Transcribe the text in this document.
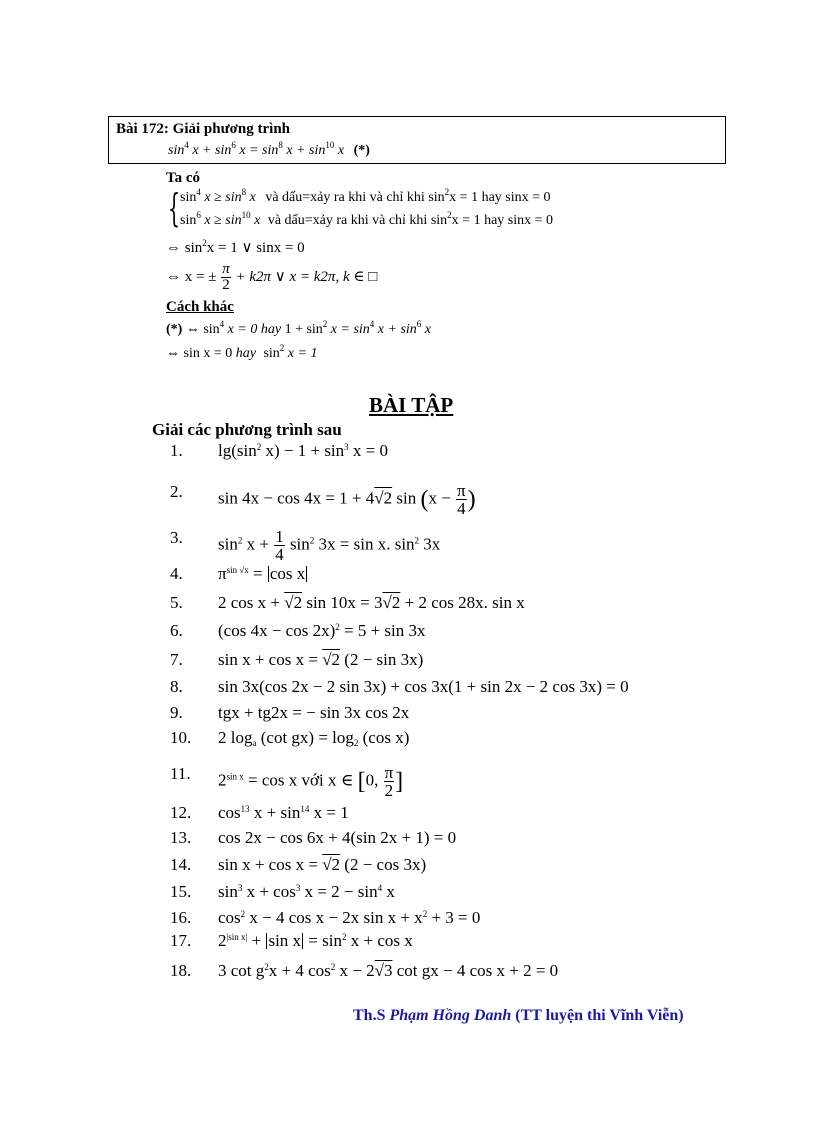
Bài 172: Giải phương trình
$\sin^4 x + \sin^6 x = \sin^8 x + \sin^{10} x$ (*)
Ta có
{ $\sin^4 x \ge \sin^8 x$ và dấu=xảy ra khi và chỉ khi $\sin^2x = 1$ hay sinx = 0
$\sin^6 x \ge \sin^{10} x$ và dấu=xảy ra khi và chỉ khi $\sin^2x = 1$ hay sinx = 0
⇔ $\sin^2x = 1$ ∨ sinx = 0
⇔ x = ± $\frac{\pi}{2} + k2\pi$ ∨ x = k2π, k ∈ □
Cách khác
(*) ⇔ $\sin^4 x = 0$ hay $1 + \sin^2 x = \sin^4 x + \sin^6 x$
⇔ sin x = 0 hay $\sin^2 x = 1$
BÀI TẬP
Giải các phương trình sau
1.
2.
3.
4.
5.
6.
7.
8.
9.
10.
11.
12.
13.
14.
15.
16.
17.
18.
$\lg(\sin^2$ $x) - 1 + \sin^3 x = 0$
sin 4x − cos 4x = 1 + 4√2 $\sin (x - \frac{\pi}{4}$ )
$\sin^2 x + \frac{1}{4} \sin^2 3x = \sin x$. $\sin^2 3x$
$\pi^{sin √x} = \cos x$
2 cos x + √2 sin 10x = 3√2 + 2 cos 28x. sin x
(cos 4x − cos 2x)$^2$ = 5 + sin 3x
sin x + cos x = √2 (2 − sin 3x)
sin 3x(cos 2x − 2 sin 3x) + cos 3x(1 + sin 2x − 2 cos 3x) = 0
tgx + tg2x = − sin 3x cos 2x
2 $\log_a (\cot$ $gx) = \log_2 (\cos$ x)
$2^{sin x} = \cos x$ với x ∈ [0, $\frac{\pi}{2}$ ]
$\cos^{13} x + \sin^{14} x = 1$
cos 2x − cos 6x + 4(sin 2x + 1) = 0
sin x + cos x = √2 (2 − cos 3x)
$\sin^3 x + \cos^3 x = 2 - \sin^4 x$
$\cos^2 x - 4$ cos x − 2x $\sin x + x^2 + 3 = 0$
$2^{|sin x|} + \sin x = \sin^2 x + \cos x$
3 $\cot g^2x + 4$ $\cos^2 x - 2√3$ cot gx − 4 cos x + 2 = 0
Th.S Phạm Hồng Danh (TT luyện thi Vĩnh Viễn)
